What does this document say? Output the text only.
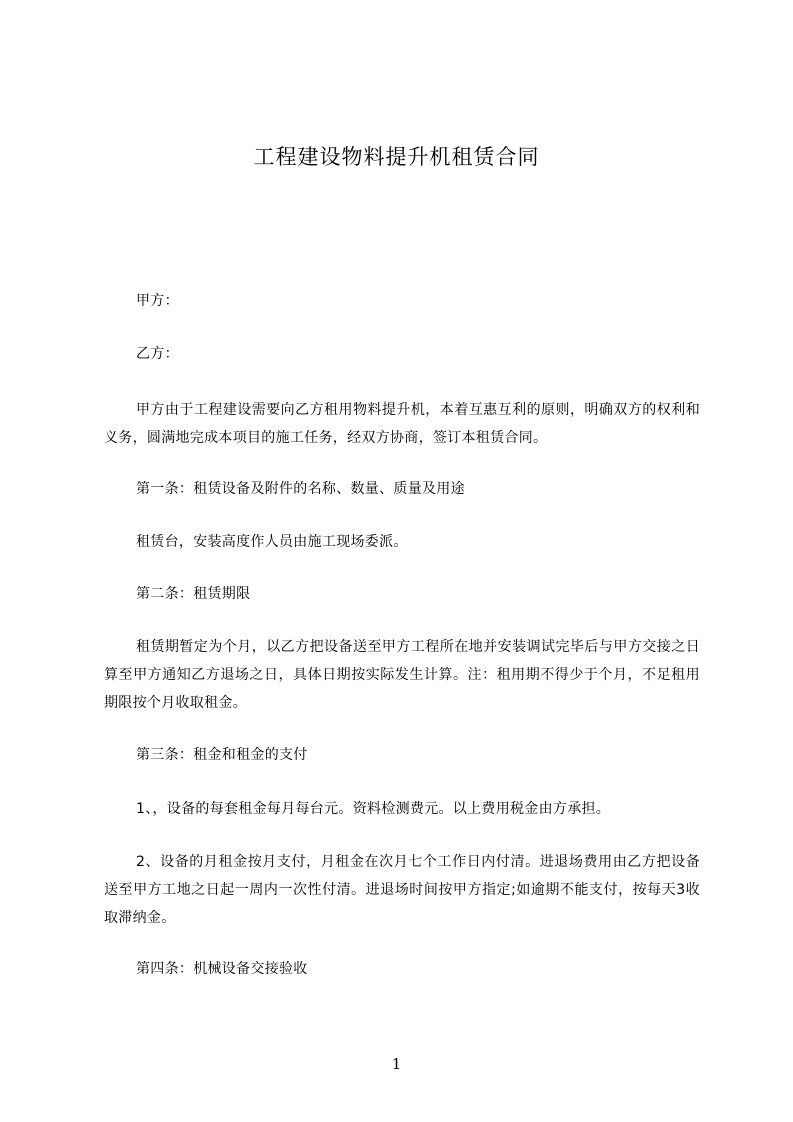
工程建设物料提升机租赁合同
甲方：
乙方：
甲方由于工程建设需要向乙方租用物料提升机，本着互惠互利的原则，明确双方的权利和义务，圆满地完成本项目的施工任务，经双方协商，签订本租赁合同。
第一条：租赁设备及附件的名称、数量、质量及用途
租赁台，安装高度作人员由施工现场委派。
第二条：租赁期限
租赁期暂定为个月，以乙方把设备送至甲方工程所在地并安装调试完毕后与甲方交接之日算至甲方通知乙方退场之日，具体日期按实际发生计算。注：租用期不得少于个月，不足租用期限按个月收取租金。
第三条：租金和租金的支付
1、，设备的每套租金每月每台元。资料检测费元。以上费用税金由方承担。
2、设备的月租金按月支付，月租金在次月七个工作日内付清。进退场费用由乙方把设备送至甲方工地之日起一周内一次性付清。进退场时间按甲方指定;如逾期不能支付，按每天3收取滞纳金。
第四条：机械设备交接验收
1
